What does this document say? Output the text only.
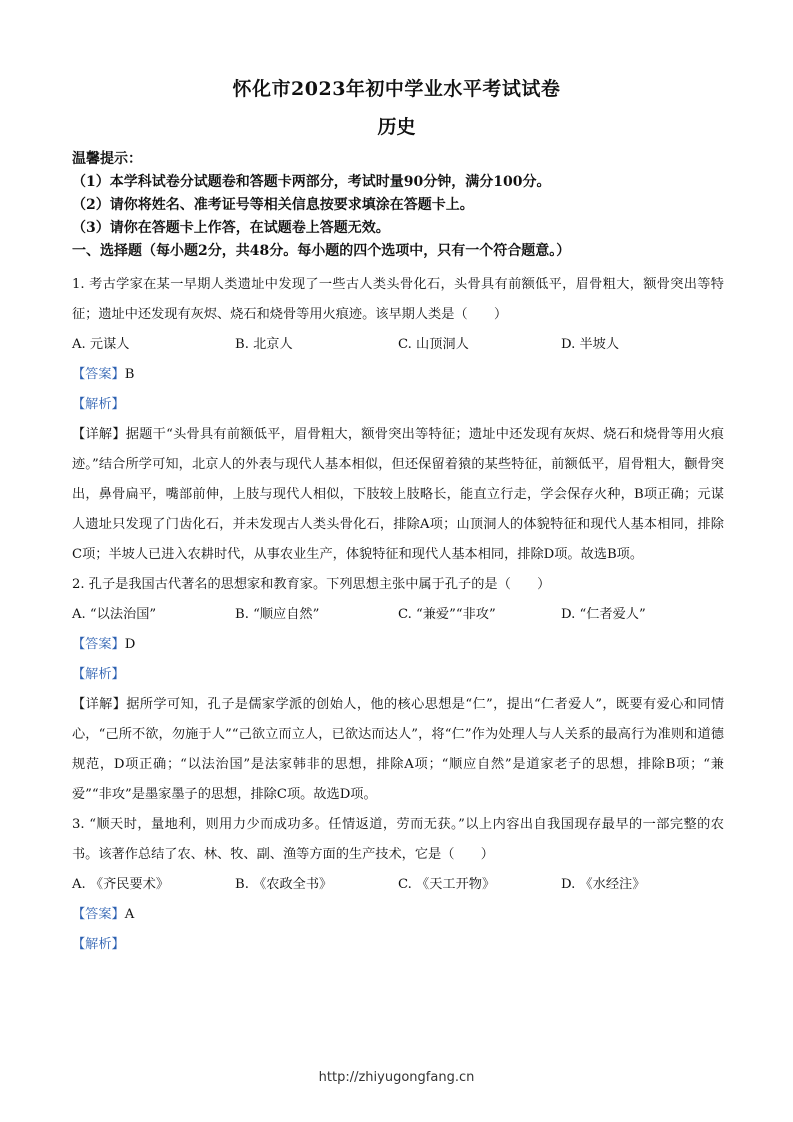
怀化市2023年初中学业水平考试试卷
历史
温馨提示：
（1）本学科试卷分试题卷和答题卡两部分，考试时量90分钟，满分100分。
（2）请你将姓名、准考证号等相关信息按要求填涂在答题卡上。
（3）请你在答题卡上作答，在试题卷上答题无效。
一、选择题（每小题2分，共48分。每小题的四个选项中，只有一个符合题意。）

1. 考古学家在某一早期人类遗址中发现了一些古人类头骨化石，头骨具有前额低平，眉骨粗大，额骨突出等特征；遗址中还发现有灰烬、烧石和烧骨等用火痕迹。该早期人类是（　　）

A. 元谋人	B. 北京人	C. 山顶洞人	D. 半坡人

【答案】B

【解析】

【详解】据题干“头骨具有前额低平，眉骨粗大，额骨突出等特征；遗址中还发现有灰烬、烧石和烧骨等用火痕迹。”结合所学可知，北京人的外表与现代人基本相似，但还保留着猿的某些特征，前额低平，眉骨粗大，颧骨突出，鼻骨扁平，嘴部前伸，上肢与现代人相似，下肢较上肢略长，能直立行走，学会保存火种，B项正确；元谋人遗址只发现了门齿化石，并未发现古人类头骨化石，排除A项；山顶洞人的体貌特征和现代人基本相同，排除C项；半坡人已进入农耕时代，从事农业生产，体貌特征和现代人基本相同，排除D项。故选B项。

2. 孔子是我国古代著名的思想家和教育家。下列思想主张中属于孔子的是（　　）

A. “以法治国”	B. “顺应自然”	C. “兼爱”“非攻”	D. “仁者爱人”

【答案】D

【解析】

【详解】据所学可知，孔子是儒家学派的创始人，他的核心思想是“仁”，提出“仁者爱人”，既要有爱心和同情心，“己所不欲，勿施于人”“己欲立而立人，已欲达而达人”，将“仁”作为处理人与人关系的最高行为准则和道德规范，D项正确；“以法治国”是法家韩非的思想，排除A项；“顺应自然”是道家老子的思想，排除B项；“兼爱”“非攻”是墨家墨子的思想，排除C项。故选D项。

3. “顺天时，量地利，则用力少而成功多。任情返道，劳而无获。”以上内容出自我国现存最早的一部完整的农书。该著作总结了农、林、牧、副、渔等方面的生产技术，它是（　　）

A. 《齐民要术》	B. 《农政全书》	C. 《天工开物》	D. 《水经注》

【答案】A

【解析】

http://zhiyugongfang.cn
